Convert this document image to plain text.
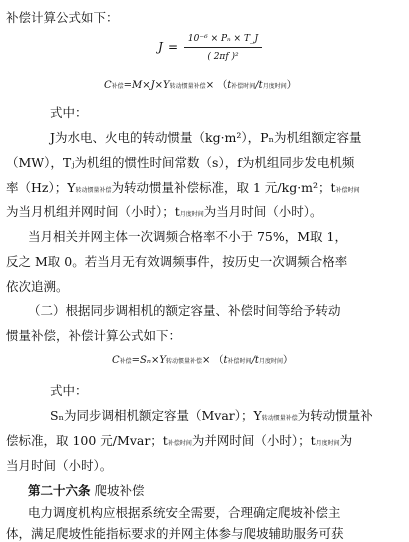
补偿计算公式如下：
J =
10⁻⁶ × Pₙ × T_J
( 2πf )²
C补偿=M×J×Y转动惯量补偿× （t补偿时间/t月度时间）
式中：
J为水电、火电的转动惯量（kg·m²），Pₙ为机组额定容量
（MW），Tⱼ为机组的惯性时间常数（s），f为机组同步发电机频
率（Hz）；Y转动惯量补偿为转动惯量补偿标准，取 1 元/kg·m²；t补偿时间
为当月机组并网时间（小时）；t月度时间为当月时间（小时）。
当月相关并网主体一次调频合格率不小于 75%，M取 1，
反之 M取 0。若当月无有效调频事件，按历史一次调频合格率
依次追溯。
（二）根据同步调相机的额定容量、补偿时间等给予转动
惯量补偿，补偿计算公式如下：
C补偿=Sₙ×Y转动惯量补偿× （t补偿时间/t月度时间）
式中：
Sₙ为同步调相机额定容量（Mvar）；Y转动惯量补偿为转动惯量补
偿标准，取 100 元/Mvar；t补偿时间为并网时间（小时）；t月度时间为
当月时间（小时）。
第二十六条 爬坡补偿
电力调度机构应根据系统安全需要，合理确定爬坡补偿主
体，满足爬坡性能指标要求的并网主体参与爬坡辅助服务可获
